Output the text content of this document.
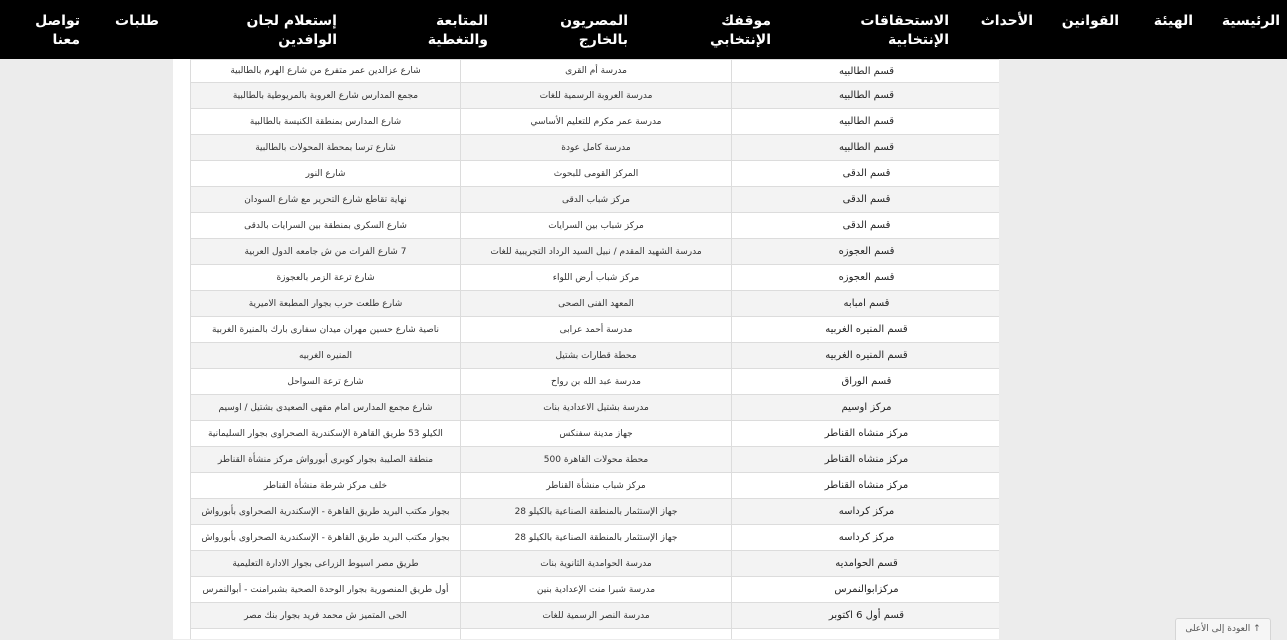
الرئيسية
الهيئة
القوانين
الأحداث
الاستحقاقات
الإنتخابية
موقفك
الإنتخابي
المصريون
بالخارج
المتابعة
والتغطية
إستعلام لجان
الوافدين
طلبات
تواصل
معنا
قسم الطالبيه	مدرسة أم القرى	شارع عزالدين عمر متفرع من شارع الهرم بالطالبية
قسم الطالبيه	مدرسة العروبة الرسمية للغات	مجمع المدارس شارع العروبة بالمريوطية بالطالبية
قسم الطالبيه	مدرسة عمر مكرم للتعليم الأساسي	شارع المدارس بمنطقة الكنيسة بالطالبية
قسم الطالبيه	مدرسة كامل عودة	شارع ترسا بمحطة المحولات بالطالبية
قسم الدقى	المركز القومى للبحوث	شارع النور
قسم الدقى	مركز شباب الدقى	نهاية تقاطع شارع التحرير مع شارع السودان
قسم الدقى	مركز شباب بين السرايات	شارع السكرى بمنطقة بين السرايات بالدقى
قسم العجوزه	مدرسة الشهيد المقدم / نبيل السيد الرداد التجريبية للغات	7 شارع الفرات من ش جامعه الدول العربية
قسم العجوزه	مركز شباب أرض اللواء	شارع ترعة الزمر بالعجوزة
قسم امبابه	المعهد الفنى الصحى	شارع طلعت حرب بجوار المطبعة الاميرية
قسم المنيره الغربيه	مدرسة أحمد عرابى	ناصية شارع حسين مهران ميدان سفارى بارك بالمنيرة الغربية
قسم المنيره الغربيه	محطة قطارات بشتيل	المنيره الغربيه
قسم الوراق	مدرسة عبد الله بن رواح	شارع ترعة السواحل
مركز اوسيم	مدرسة بشتيل الاعدادية بنات	شارع مجمع المدارس امام مقهى الصعيدى بشتيل / اوسيم
مركز منشاه القناطر	جهاز مدينة سفنكس	الكيلو 53 طريق القاهرة الإسكندرية الصحراوى بجوار السليمانية
مركز منشاه القناطر	محطة محولات القاهرة 500	منطقة الصليبة بجوار كوبرى أبورواش مركز منشأة القناطر
مركز منشاه القناطر	مركز شباب منشأة القناطر	خلف مركز شرطة منشأة القناطر
مركز كرداسه	جهاز الإستثمار بالمنطقة الصناعية بالكيلو 28	بجوار مكتب البريد طريق القاهرة - الإسكندرية الصحراوى بأبورواش
مركز كرداسه	جهاز الإستثمار بالمنطقة الصناعية بالكيلو 28	بجوار مكتب البريد طريق القاهرة - الإسكندرية الصحراوى بأبورواش
قسم الحوامديه	مدرسة الحوامدية الثانوية بنات	طريق مصر اسيوط الزراعى بجوار الادارة التعليمية
مركزابوالنمرس	مدرسة شبرا منت الإعدادية بنين	أول طريق المنصورية بجوار الوحدة الصحية بشبرامنت - أبوالنمرس
قسم أول 6 اكتوبر	مدرسة النصر الرسمية للغات	الحى المتميز ش محمد فريد بجوار بنك مصر

↑ العودة إلى الأعلى
